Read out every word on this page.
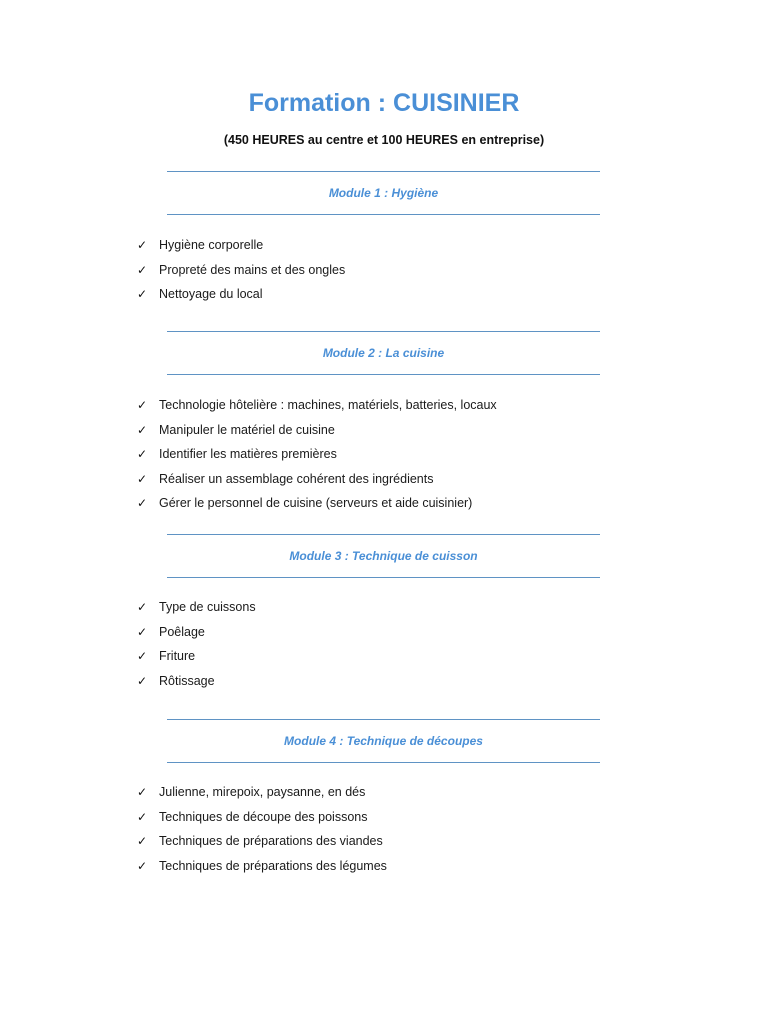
Formation : CUISINIER

(450 HEURES au centre et 100 HEURES en entreprise)

Module 1 : Hygiène
✓ Hygiène corporelle
✓ Propreté des mains et des ongles
✓ Nettoyage du local
Module 2 : La cuisine
✓ Technologie hôtelière : machines, matériels, batteries, locaux
✓ Manipuler le matériel de cuisine
✓ Identifier les matières premières
✓ Réaliser un assemblage cohérent des ingrédients
✓ Gérer le personnel de cuisine (serveurs et aide cuisinier)
Module 3 : Technique de cuisson
✓ Type de cuissons
✓ Poêlage
✓ Friture
✓ Rôtissage
Module 4 : Technique de découpes
✓ Julienne, mirepoix, paysanne, en dés
✓ Techniques de découpe des poissons
✓ Techniques de préparations des viandes
✓ Techniques de préparations des légumes
